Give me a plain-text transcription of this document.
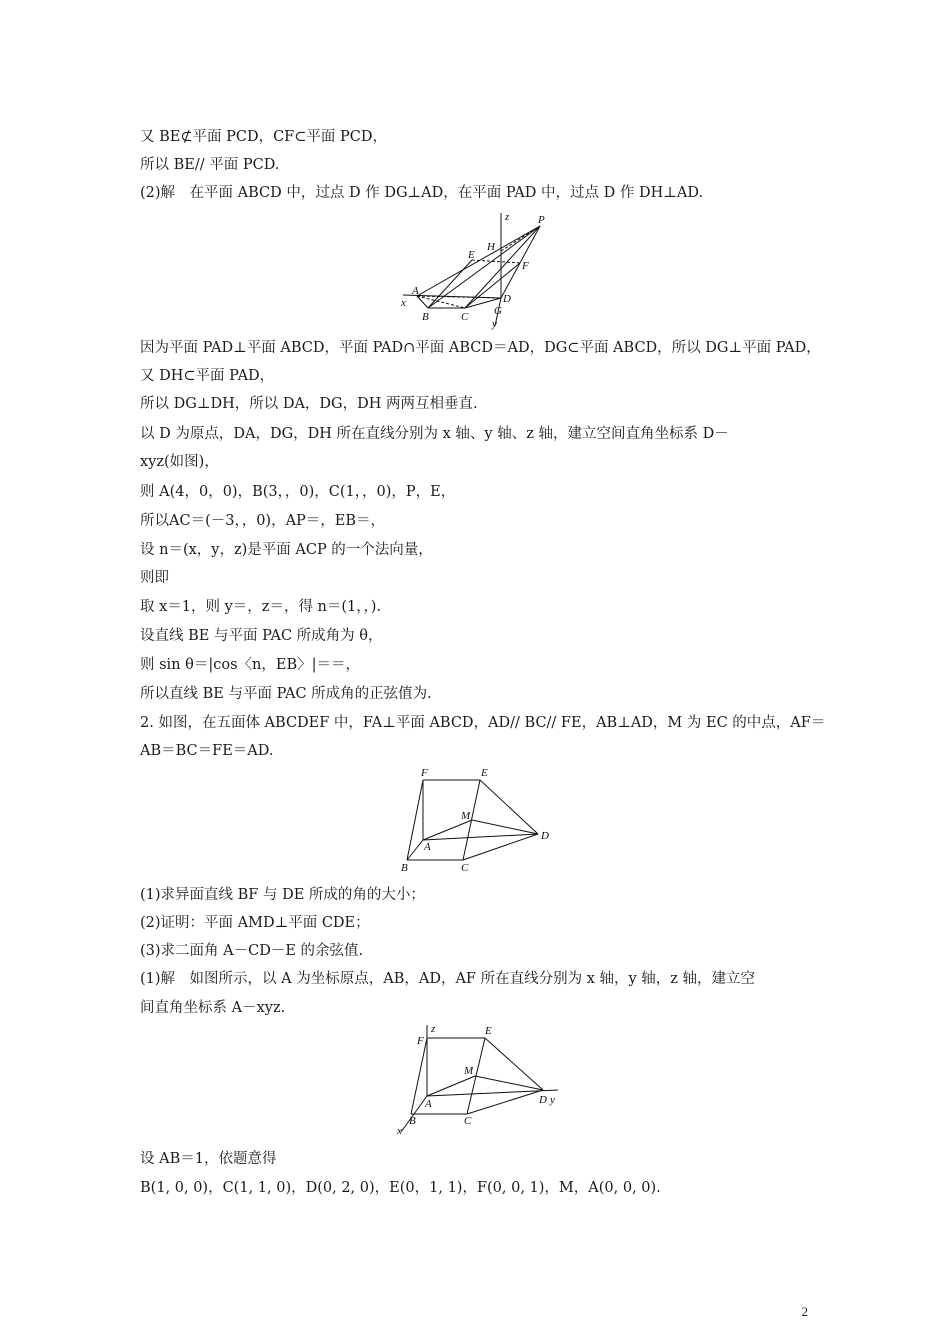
又 BE⊄平面 PCD，CF⊂平面 PCD，
所以 BE// 平面 PCD.
(2)解　在平面 ABCD 中，过点 D 作 DG⊥AD，在平面 PAD 中，过点 D 作 DH⊥AD.
z	P
H
E
F
A
x	D
B	C G
y
因为平面 PAD⊥平面 ABCD，平面 PAD∩平面 ABCD＝AD，DG⊂平面 ABCD，所以 DG⊥平面 PAD，
又 DH⊂平面 PAD，
所以 DG⊥DH，所以 DA，DG，DH 两两互相垂直.
以 D 为原点，DA，DG，DH 所在直线分别为 x 轴、y 轴、z 轴，建立空间直角坐标系 D－
xyz(如图)，
则 A(4，0，0)，B(3，，0)，C(1，，0)，P，E，
所以AC＝(－3，，0)，AP＝，EB＝，
设 n＝(x，y，z)是平面 ACP 的一个法向量，
则即
取 x＝1，则 y＝，z＝，得 n＝(1，，).
设直线 BE 与平面 PAC 所成角为 θ，
则 sin θ＝|cos〈n，EB〉|＝＝，
所以直线 BE 与平面 PAC 所成角的正弦值为.
2. 如图，在五面体 ABCDEF 中，FA⊥平面 ABCD，AD// BC// FE，AB⊥AD，M 为 EC 的中点，AF＝
AB＝BC＝FE＝AD.
F	E
M
A
D
B	C
(1)求异面直线 BF 与 DE 所成的角的大小；
(2)证明：平面 AMD⊥平面 CDE；
(3)求二面角 A－CD－E 的余弦值.
(1)解　如图所示，以 A 为坐标原点，AB，AD，AF 所在直线分别为 x 轴，y 轴，z 轴，建立空
间直角坐标系 A－xyz.
z
F
E
M
A	D y
B	C
x
设 AB＝1，依题意得
B(1, 0, 0)，C(1, 1, 0)，D(0, 2, 0)，E(0，1, 1)，F(0, 0, 1)，M，A(0, 0, 0).
2
